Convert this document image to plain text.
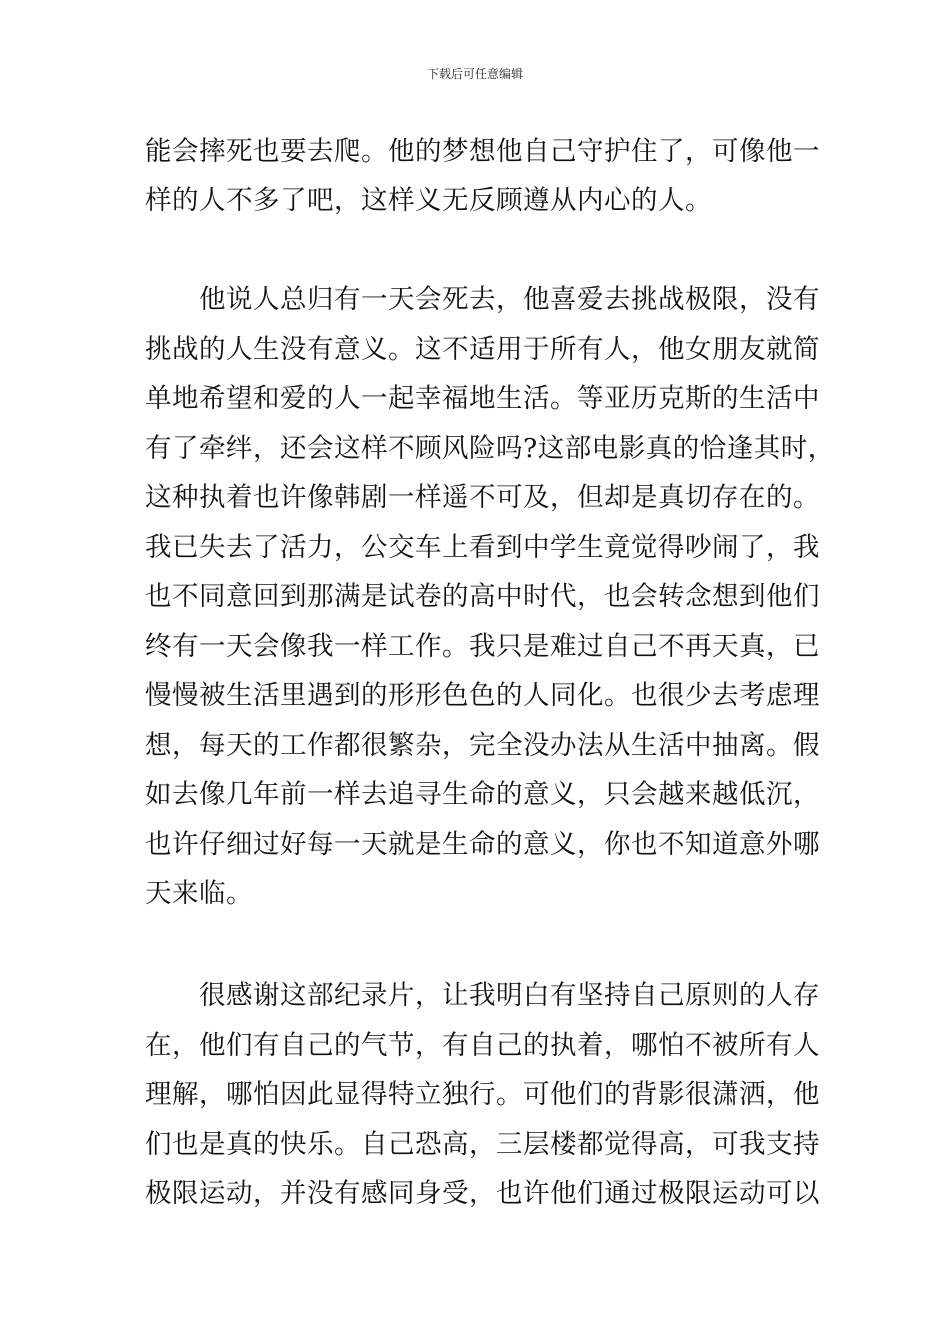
下载后可任意编辑
能会摔死也要去爬。他的梦想他自己守护住了，可像他一
样的人不多了吧，这样义无反顾遵从内心的人。
　　他说人总归有一天会死去，他喜爱去挑战极限，没有
挑战的人生没有意义。这不适用于所有人，他女朋友就简
单地希望和爱的人一起幸福地生活。等亚历克斯的生活中
有了牵绊，还会这样不顾风险吗?这部电影真的恰逢其时，
这种执着也许像韩剧一样遥不可及，但却是真切存在的。
我已失去了活力，公交车上看到中学生竟觉得吵闹了，我
也不同意回到那满是试卷的高中时代，也会转念想到他们
终有一天会像我一样工作。我只是难过自己不再天真，已
慢慢被生活里遇到的形形色色的人同化。也很少去考虑理
想，每天的工作都很繁杂，完全没办法从生活中抽离。假
如去像几年前一样去追寻生命的意义，只会越来越低沉，
也许仔细过好每一天就是生命的意义，你也不知道意外哪
天来临。
　　很感谢这部纪录片，让我明白有坚持自己原则的人存
在，他们有自己的气节，有自己的执着，哪怕不被所有人
理解，哪怕因此显得特立独行。可他们的背影很潇洒，他
们也是真的快乐。自己恐高，三层楼都觉得高，可我支持
极限运动，并没有感同身受，也许他们通过极限运动可以
